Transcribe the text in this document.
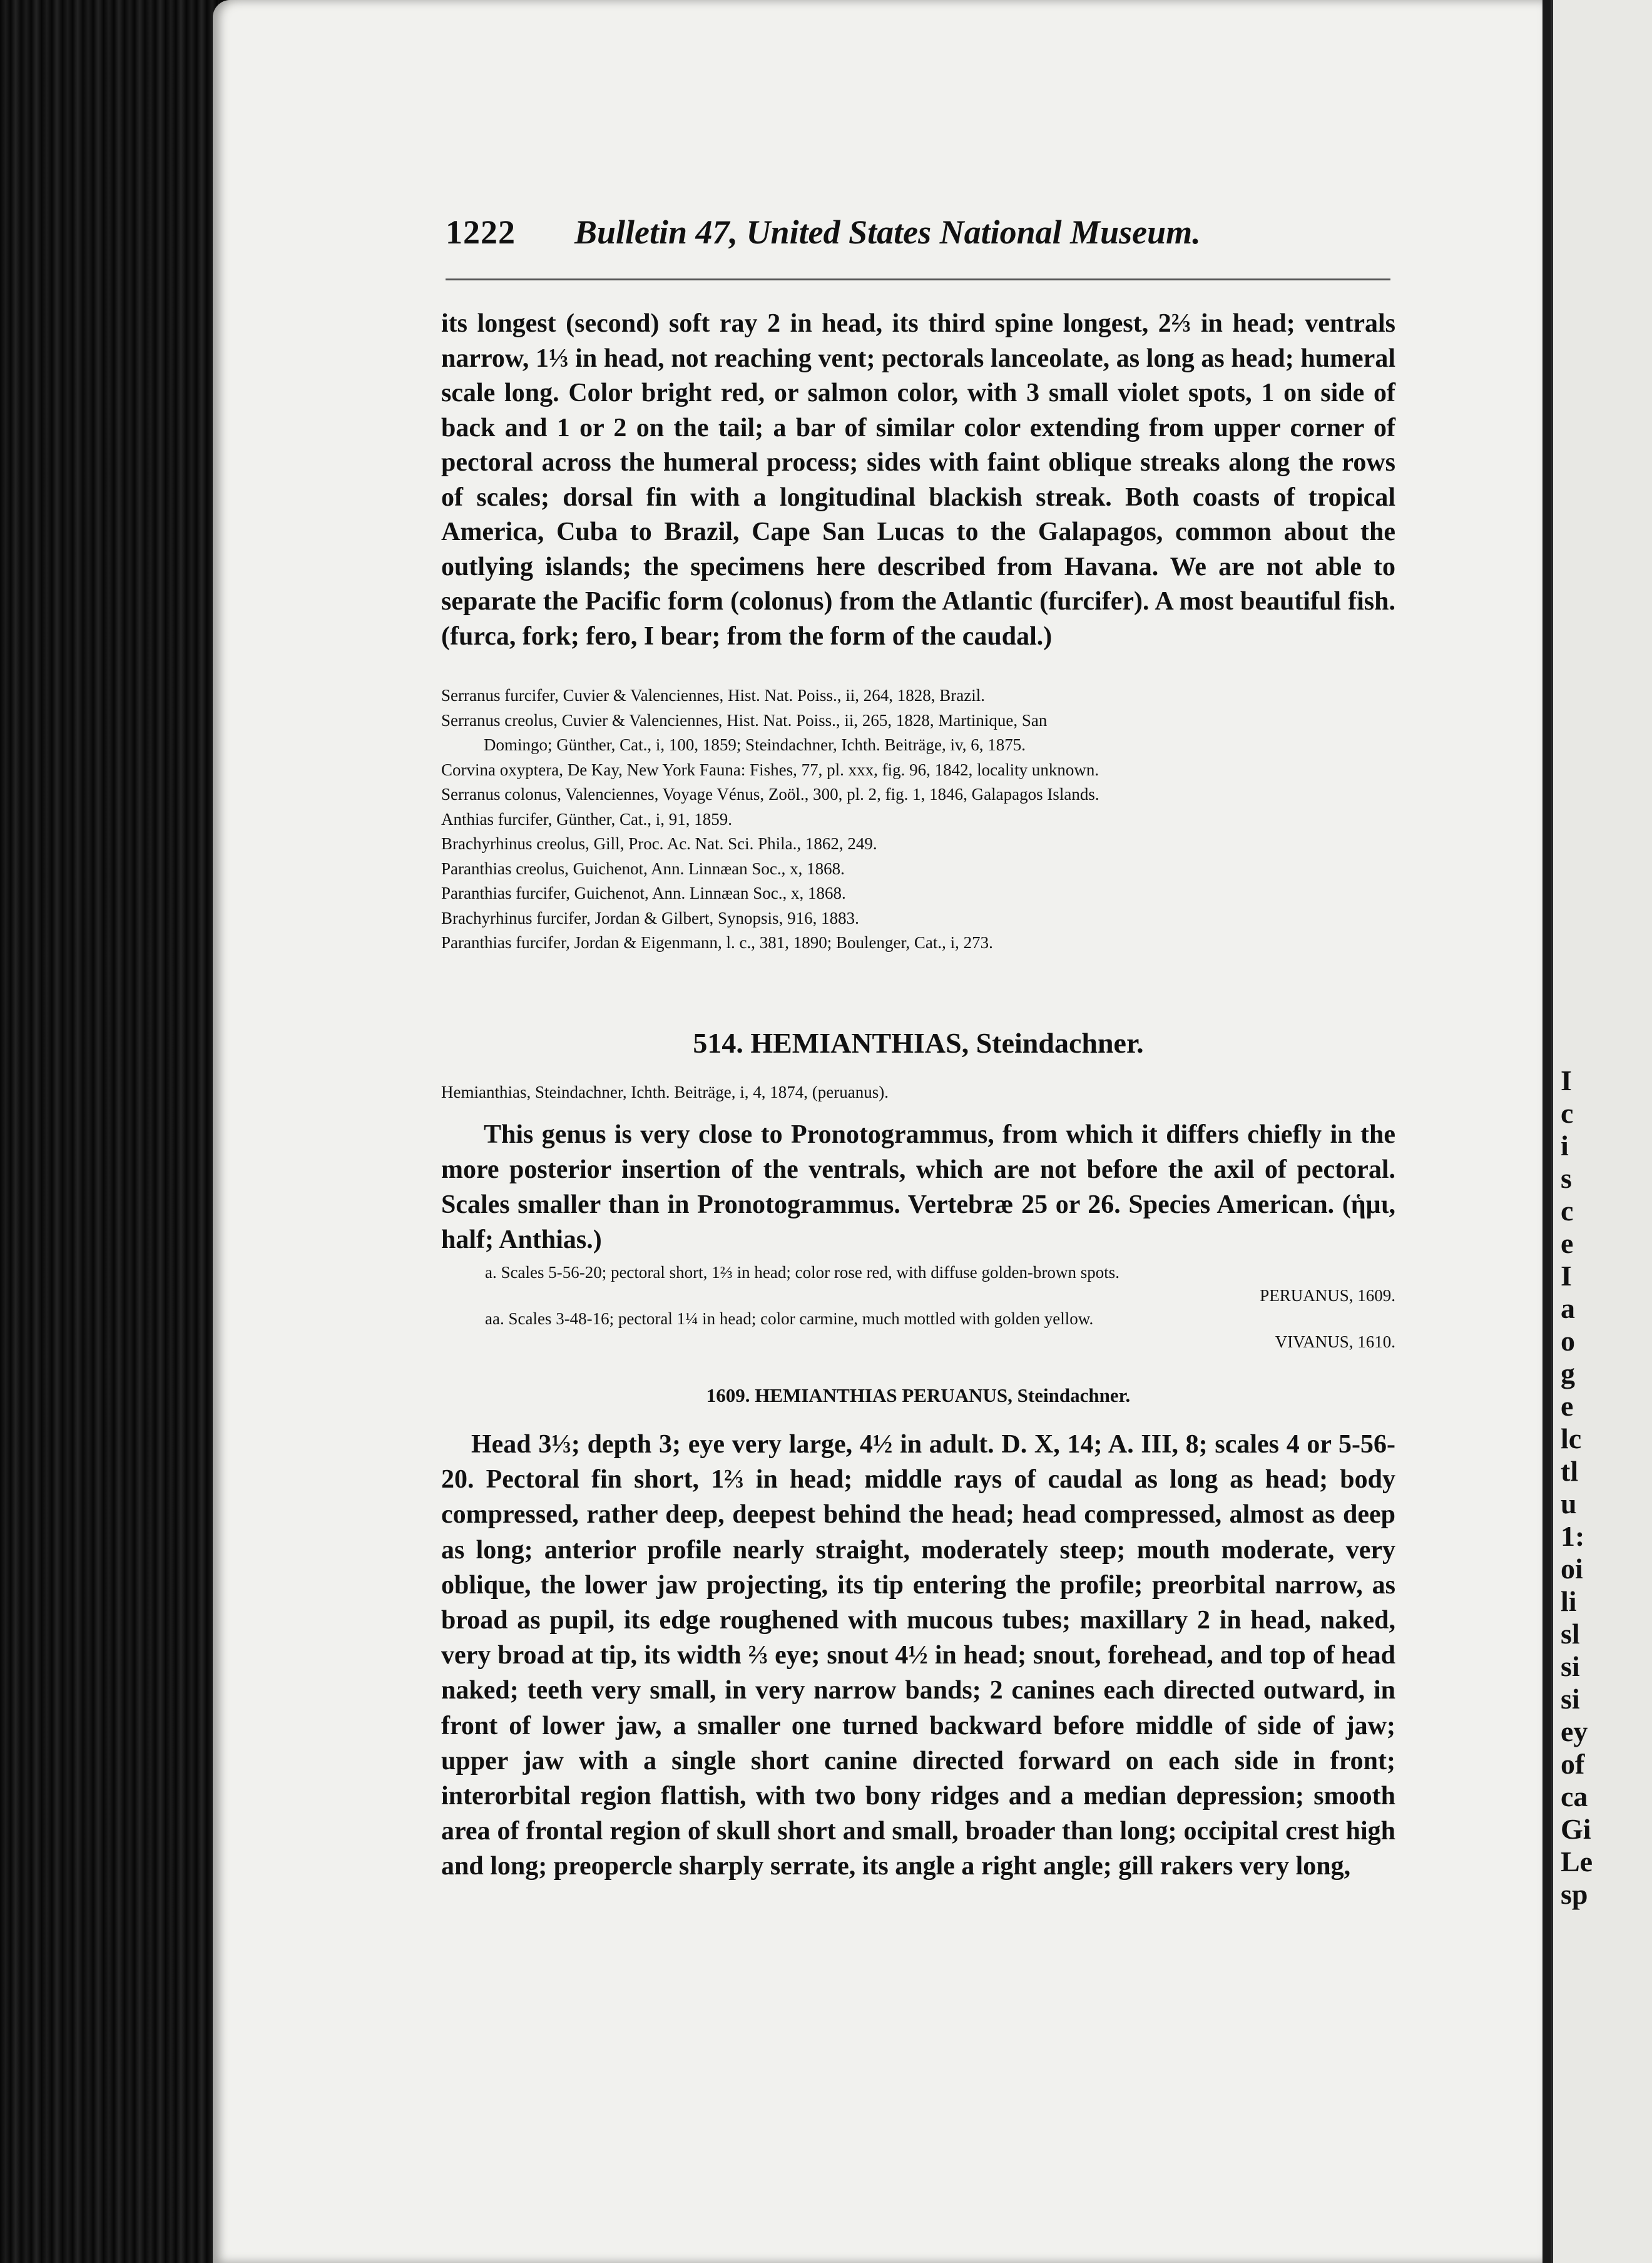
I
c
i
s
c
e
I
a
o
g
e
lc
tl
u
1:
oi
li
sl
si
si
ey
of
ca
Gi
Le
sp
1222 Bulletin 47, United States National Museum.
its longest (second) soft ray 2 in head, its third spine longest, 2⅔ in head; ventrals narrow, 1⅓ in head, not reaching vent; pectorals lanceolate, as long as head; humeral scale long. Color bright red, or salmon color, with 3 small violet spots, 1 on side of back and 1 or 2 on the tail; a bar of similar color extending from upper corner of pectoral across the humeral process; sides with faint oblique streaks along the rows of scales; dorsal fin with a longitudinal blackish streak. Both coasts of tropical America, Cuba to Brazil, Cape San Lucas to the Galapagos, common about the outlying islands; the specimens here described from Havana. We are not able to separate the Pacific form (colonus) from the Atlantic (furcifer). A most beautiful fish. (furca, fork; fero, I bear; from the form of the caudal.)
Serranus furcifer, Cuvier & Valenciennes, Hist. Nat. Poiss., ii, 264, 1828, Brazil.
Serranus creolus, Cuvier & Valenciennes, Hist. Nat. Poiss., ii, 265, 1828, Martinique, San
Domingo; Günther, Cat., i, 100, 1859; Steindachner, Ichth. Beiträge, iv, 6, 1875.
Corvina oxyptera, De Kay, New York Fauna: Fishes, 77, pl. xxx, fig. 96, 1842, locality unknown.
Serranus colonus, Valenciennes, Voyage Vénus, Zoöl., 300, pl. 2, fig. 1, 1846, Galapagos Islands.
Anthias furcifer, Günther, Cat., i, 91, 1859.
Brachyrhinus creolus, Gill, Proc. Ac. Nat. Sci. Phila., 1862, 249.
Paranthias creolus, Guichenot, Ann. Linnæan Soc., x, 1868.
Paranthias furcifer, Guichenot, Ann. Linnæan Soc., x, 1868.
Brachyrhinus furcifer, Jordan & Gilbert, Synopsis, 916, 1883.
Paranthias furcifer, Jordan & Eigenmann, l. c., 381, 1890; Boulenger, Cat., i, 273.
514. HEMIANTHIAS, Steindachner.
Hemianthias, Steindachner, Ichth. Beiträge, i, 4, 1874, (peruanus).

This genus is very close to Pronotogrammus, from which it differs chiefly in the more posterior insertion of the ventrals, which are not before the axil of pectoral. Scales smaller than in Pronotogrammus. Vertebræ 25 or 26. Species American. (ἡμι, half; Anthias.)

a. Scales 5-56-20; pectoral short, 1⅔ in head; color rose red, with diffuse golden-brown spots.
PERUANUS, 1609.
aa. Scales 3-48-16; pectoral 1¼ in head; color carmine, much mottled with golden yellow.
VIVANUS, 1610.
1609. HEMIANTHIAS PERUANUS, Steindachner.

Head 3⅓; depth 3; eye very large, 4½ in adult. D. X, 14; A. III, 8; scales 4 or 5-56-20. Pectoral fin short, 1⅔ in head; middle rays of caudal as long as head; body compressed, rather deep, deepest behind the head; head compressed, almost as deep as long; anterior profile nearly straight, moderately steep; mouth moderate, very oblique, the lower jaw projecting, its tip entering the profile; preorbital narrow, as broad as pupil, its edge roughened with mucous tubes; maxillary 2 in head, naked, very broad at tip, its width ⅔ eye; snout 4½ in head; snout, forehead, and top of head naked; teeth very small, in very narrow bands; 2 canines each directed outward, in front of lower jaw, a smaller one turned backward before middle of side of jaw; upper jaw with a single short canine directed forward on each side in front; interorbital region flattish, with two bony ridges and a median depression; smooth area of frontal region of skull short and small, broader than long; occipital crest high and long; preopercle sharply serrate, its angle a right angle; gill rakers very long,
